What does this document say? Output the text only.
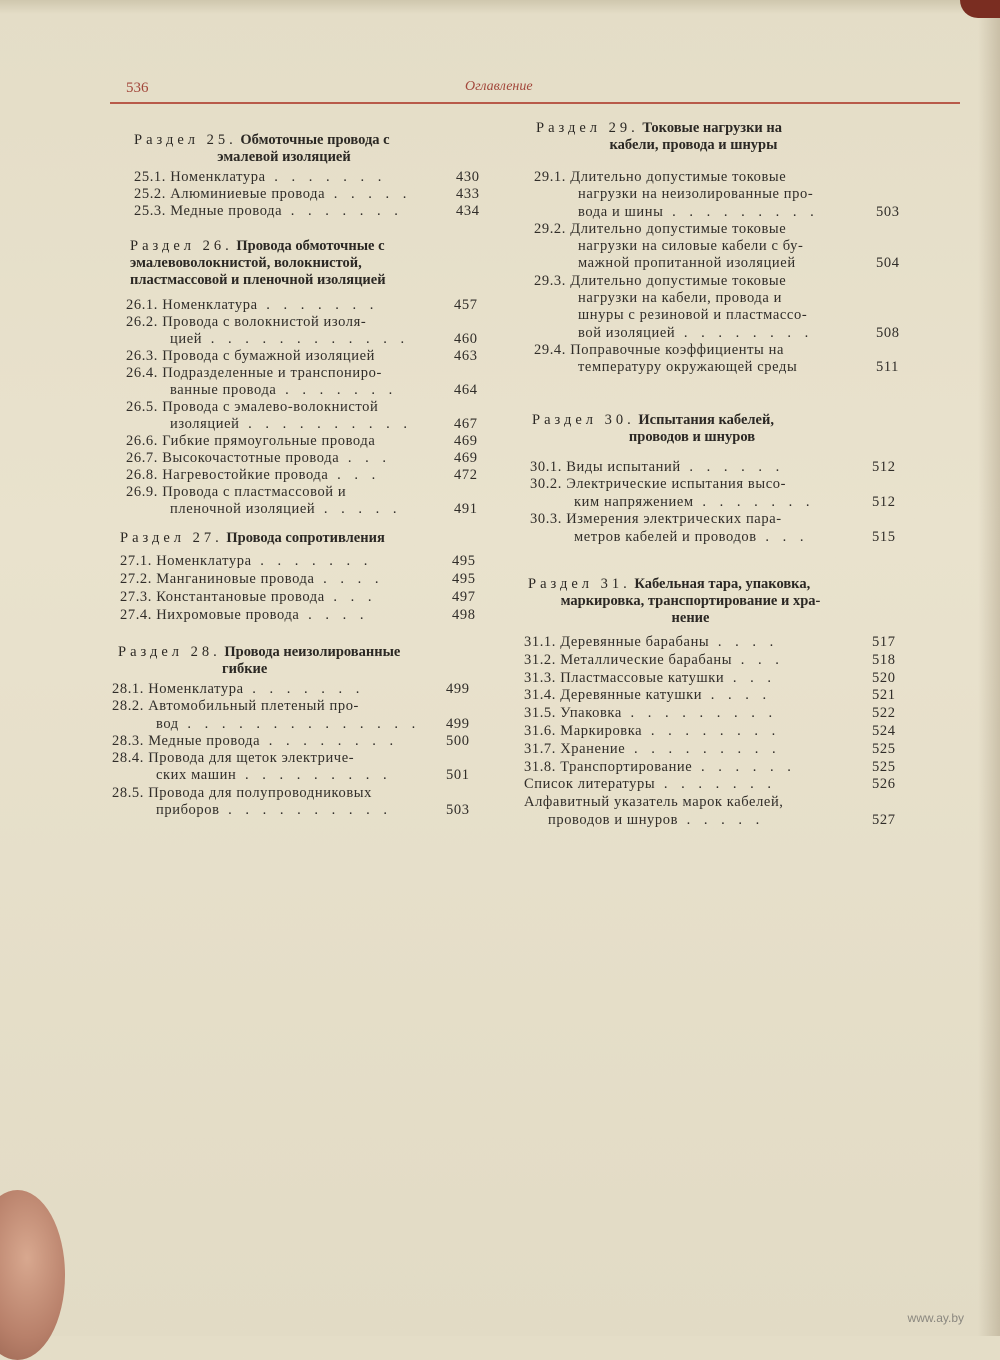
536	Оглавление
Раздел 25. Обмоточные провода с
эмалевой изоляцией
Раздел 26. Провода обмоточные с
эмалевоволокнистой, волокнистой,
пластмассовой и пленочной изоляцией
Раздел 27. Провода сопротивления
Раздел 28. Провода неизолированные
гибкие
Раздел 29. Токовые нагрузки на
кабели, провода и шнуры
Раздел 30. Испытания кабелей,
проводов и шнуров
Раздел 31. Кабельная тара, упаковка,
маркировка, транспортирование и хра-
нение
25.1. Номенклатура . . . . . . .	430
25.2. Алюминиевые провода . . . . .	433
25.3. Медные провода . . . . . . .	434
26.1. Номенклатура . . . . . . .	457
26.2. Провода с волокнистой изоля-
цией . . . . . . . . . . . .	460
26.3. Провода с бумажной изоляцией	463
26.4. Подразделенные и транспониро-
ванные провода . . . . . . .	464
26.5. Провода с эмалево-волокнистой
изоляцией . . . . . . . . . .	467
26.6. Гибкие прямоугольные провода	469
26.7. Высокочастотные провода . . .	469
26.8. Нагревостойкие провода . . .	472
26.9. Провода с пластмассовой и
пленочной изоляцией . . . . .	491
27.1. Номенклатура . . . . . . .	495
27.2. Манганиновые провода . . . .	495
27.3. Константановые провода . . .	497
27.4. Нихромовые провода . . . .	498
28.1. Номенклатура . . . . . . .	499
28.2. Автомобильный плетеный про-
вод . . . . . . . . . . . . . . 499
28.3. Медные провода . . . . . . . .	500
28.4. Провода для щеток электриче-
ских машин . . . . . . . . .	501
28.5. Провода для полупроводниковых
приборов . . . . . . . . . .	503
29.1. Длительно допустимые токовые
нагрузки на неизолированные про-
вода и шины . . . . . . . . .	503
29.2. Длительно допустимые токовые
нагрузки на силовые кабели с бу-
мажной пропитанной изоляцией	504
29.3. Длительно допустимые токовые
нагрузки на кабели, провода и
шнуры с резиновой и пластмассо-
вой изоляцией . . . . . . . .	508
29.4. Поправочные коэффициенты на
температуру окружающей среды	511
30.1. Виды испытаний . . . . . .	512
30.2. Электрические испытания высо-
ким напряжением . . . . . . .	512
30.3. Измерения электрических пара-
метров кабелей и проводов . . .	515
31.1. Деревянные барабаны . . . .	517
31.2. Металлические барабаны . . .	518
31.3. Пластмассовые катушки . . .	520
31.4. Деревянные катушки . . . .	521
31.5. Упаковка . . . . . . . . .	522
31.6. Маркировка . . . . . . . .	524
31.7. Хранение . . . . . . . . .	525
31.8. Транспортирование . . . . . .	525
Список литературы . . . . . . .	526
Алфавитный указатель марок кабелей,
проводов и шнуров . . . . .	527
www.ay.by
